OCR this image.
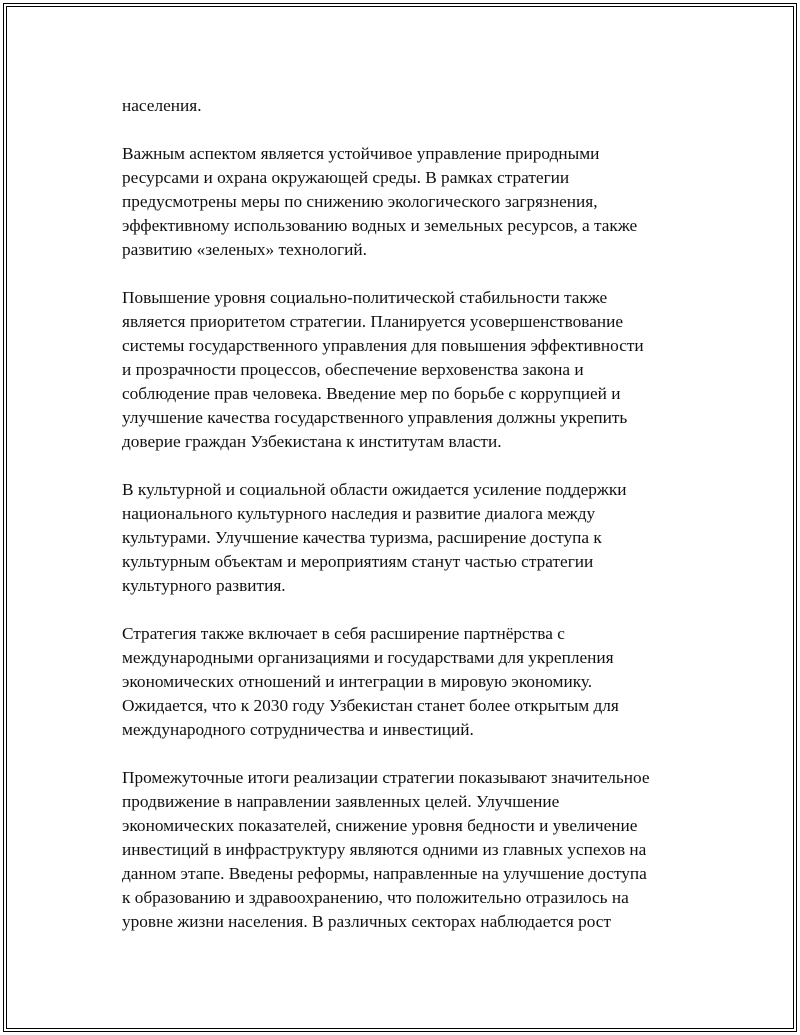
населения.

Важным аспектом является устойчивое управление природными
ресурсами и охрана окружающей среды. В рамках стратегии
предусмотрены меры по снижению экологического загрязнения,
эффективному использованию водных и земельных ресурсов, а также
развитию «зеленых» технологий.

Повышение уровня социально-политической стабильности также
является приоритетом стратегии. Планируется усовершенствование
системы государственного управления для повышения эффективности
и прозрачности процессов, обеспечение верховенства закона и
соблюдение прав человека. Введение мер по борьбе с коррупцией и
улучшение качества государственного управления должны укрепить
доверие граждан Узбекистана к институтам власти.

В культурной и социальной области ожидается усиление поддержки
национального культурного наследия и развитие диалога между
культурами. Улучшение качества туризма, расширение доступа к
культурным объектам и мероприятиям станут частью стратегии
культурного развития.

Стратегия также включает в себя расширение партнёрства с
международными организациями и государствами для укрепления
экономических отношений и интеграции в мировую экономику.
Ожидается, что к 2030 году Узбекистан станет более открытым для
международного сотрудничества и инвестиций.

Промежуточные итоги реализации стратегии показывают значительное
продвижение в направлении заявленных целей. Улучшение
экономических показателей, снижение уровня бедности и увеличение
инвестиций в инфраструктуру являются одними из главных успехов на
данном этапе. Введены реформы, направленные на улучшение доступа
к образованию и здравоохранению, что положительно отразилось на
уровне жизни населения. В различных секторах наблюдается рост
